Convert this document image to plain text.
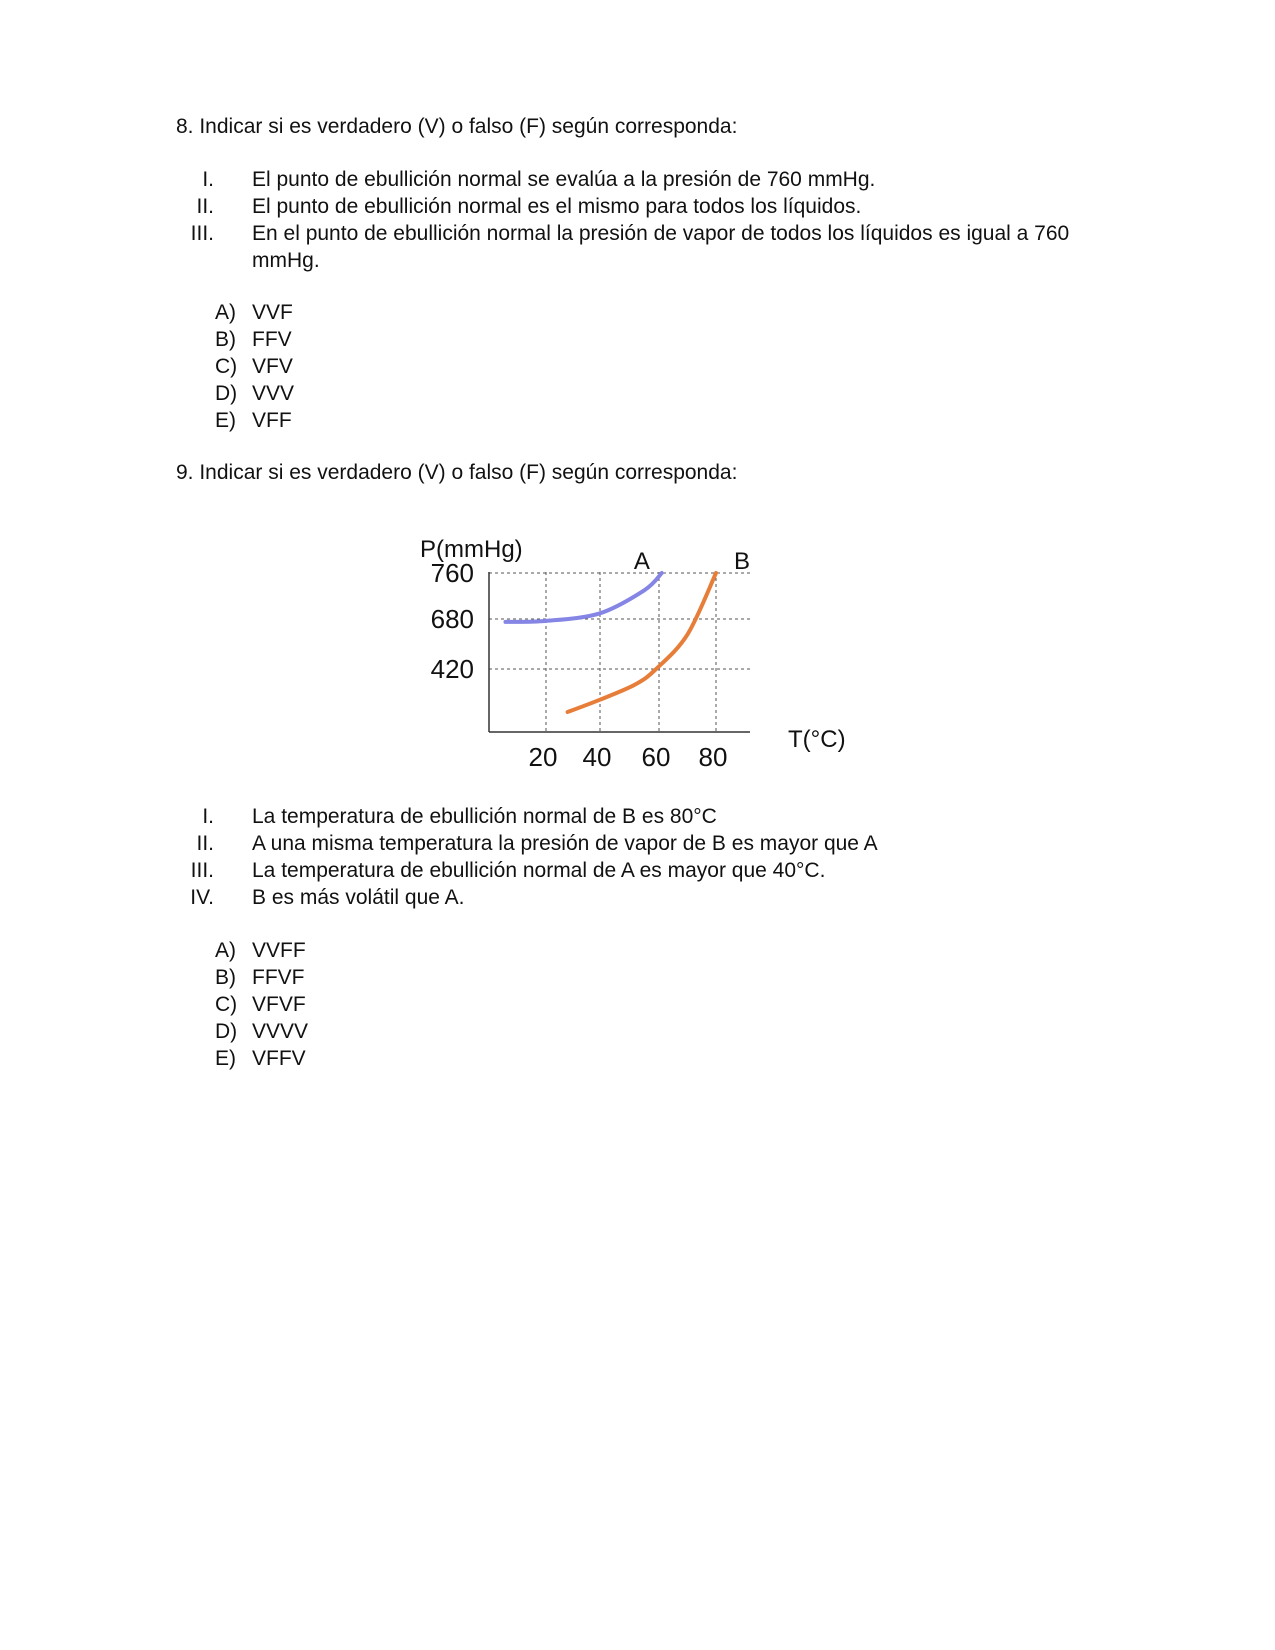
8. Indicar si es verdadero (V) o falso (F) según corresponda:
I. El punto de ebullición normal se evalúa a la presión de 760 mmHg.
II. El punto de ebullición normal es el mismo para todos los líquidos.
III. En el punto de ebullición normal la presión de vapor de todos los líquidos es igual a 760
mmHg.
A) VVF
B) FFV
C) VFV
D) VVV
E) VFF
9. Indicar si es verdadero (V) o falso (F) según corresponda:
A	B
420
680
760
20 40 60 80
P(mmHg)
T(°C)
I. La temperatura de ebullición normal de B es 80°C
II. A una misma temperatura la presión de vapor de B es mayor que A
III. La temperatura de ebullición normal de A es mayor que 40°C.
IV. B es más volátil que A.
A) VVFF
B) FFVF
C) VFVF
D) VVVV
E) VFFV
